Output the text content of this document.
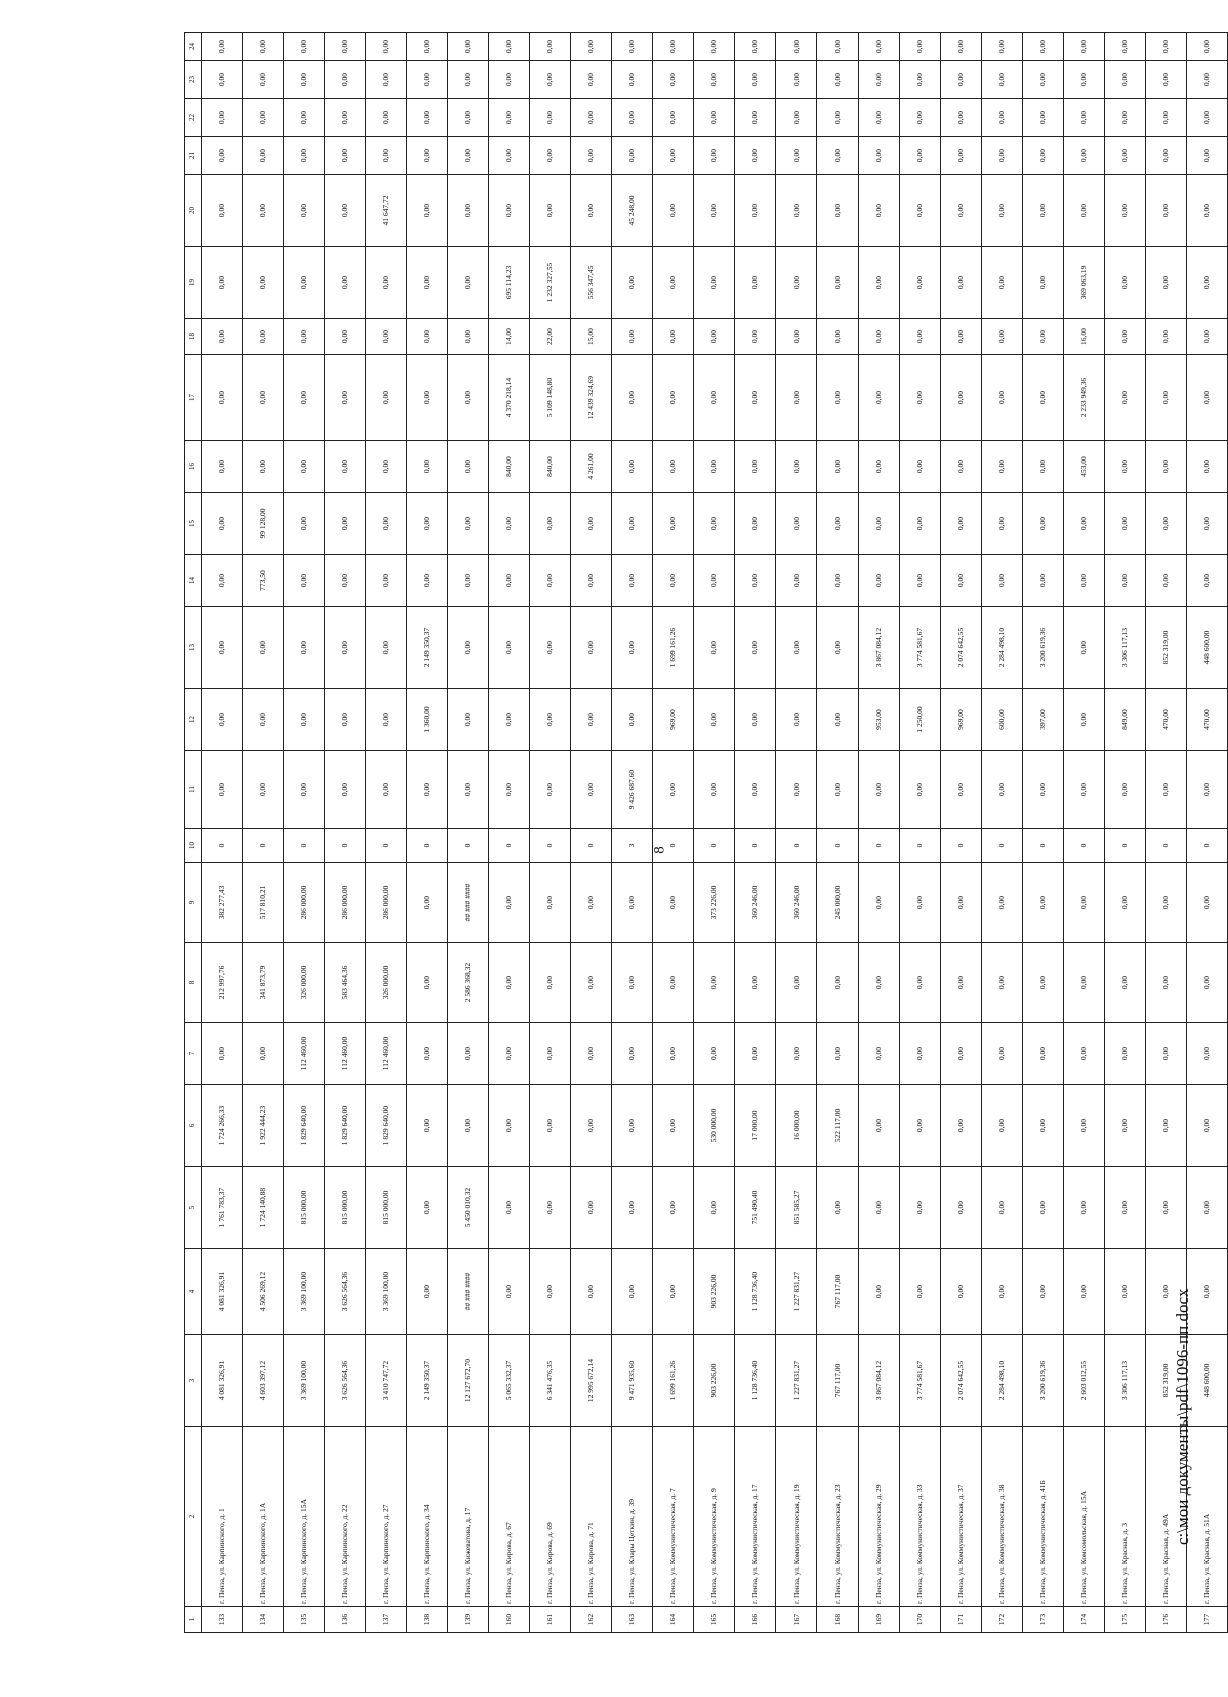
8
1	2	3	4	5	6	7	8	9	10	11	12	13	14	15	16	17	18	19	20	21	22	23	24
133	г. Пенза, ул. Карпинского, д. 1	4 081 326,91	4 081 326,91	1 761 783,37	1 724 266,33	0,00	212 997,76	382 277,43	0	0,00	0,00	0,00	0,00	0,00	0,00	0,00	0,00	0,00	0,00	0,00	0,00	0,00	0,00
134	г. Пенза, ул. Карпинского, д. 1А	4 603 397,12	4 506 269,12	1 724 140,88	1 922 444,23	0,00	341 873,79	517 810,21	0	0,00	0,00	0,00	773,50	99 128,00	0,00	0,00	0,00	0,00	0,00	0,00	0,00	0,00	0,00
135	г. Пенза, ул. Карпинского, д. 15А	3 369 100,00	3 369 100,00	815 000,00	1 829 640,00	112 460,00	326 000,00	286 000,00	0	0,00	0,00	0,00	0,00	0,00	0,00	0,00	0,00	0,00	0,00	0,00	0,00	0,00	0,00
136	г. Пенза, ул. Карпинского, д. 22	3 626 564,36	3 626 564,36	815 000,00	1 829 640,00	112 460,00	583 464,36	286 000,00	0	0,00	0,00	0,00	0,00	0,00	0,00	0,00	0,00	0,00	0,00	0,00	0,00	0,00	0,00
137	г. Пенза, ул. Карпинского, д. 27	3 410 747,72	3 369 100,00	815 000,00	1 829 640,00	112 460,00	326 000,00	286 000,00	0	0,00	0,00	0,00	0,00	0,00	0,00	0,00	0,00	0,00	41 647,72	0,00	0,00	0,00	0,00
138	г. Пенза, ул. Карпинского, д. 34	2 149 350,37	0,00	0,00	0,00	0,00	0,00	0,00	0	0,00	1 360,00	2 149 350,37	0,00	0,00	0,00	0,00	0,00	0,00	0,00	0,00	0,00	0,00	0,00
139	г. Пенза, ул. Кижеватова, д. 17	12 127 672,70	## ### ####	5 450 010,32	0,00	0,00	2 586 368,32	## ### ####	0	0,00	0,00	0,00	0,00	0,00	0,00	0,00	0,00	0,00	0,00	0,00	0,00	0,00	0,00
160	г. Пенза, ул. Кирова, д. 67	5 065 332,37	0,00	0,00	0,00	0,00	0,00	0,00	0	0,00	0,00	0,00	0,00	0,00	840,00	4 370 218,14	14,00	695 114,23	0,00	0,00	0,00	0,00	0,00
161	г. Пенза, ул. Кирова, д. 69	6 341 476,35	0,00	0,00	0,00	0,00	0,00	0,00	0	0,00	0,00	0,00	0,00	0,00	840,00	5 109 148,80	22,00	1 232 327,55	0,00	0,00	0,00	0,00	0,00
162	г. Пенза, ул. Кирова, д. 71	12 995 672,14	0,00	0,00	0,00	0,00	0,00	0,00	0	0,00	0,00	0,00	0,00	0,00	4 261,00	12 439 324,69	15,00	556 347,45	0,00	0,00	0,00	0,00	0,00
163	г. Пенза, ул. Клары Цеткин, д. 39	9 471 935,60	0,00	0,00	0,00	0,00	0,00	0,00	3	9 426 687,60	0,00	0,00	0,00	0,00	0,00	0,00	0,00	0,00	45 248,00	0,00	0,00	0,00	0,00
164	г. Пенза, ул. Коммунистическая, д. 7	1 699 161,26	0,00	0,00	0,00	0,00	0,00	0,00	0	0,00	969,00	1 699 161,26	0,00	0,00	0,00	0,00	0,00	0,00	0,00	0,00	0,00	0,00	0,00
165	г. Пенза, ул. Коммунистическая, д. 9	903 226,00	903 226,00	0,00	530 000,00	0,00	0,00	373 226,00	0	0,00	0,00	0,00	0,00	0,00	0,00	0,00	0,00	0,00	0,00	0,00	0,00	0,00	0,00
166	г. Пенза, ул. Коммунистическая, д. 17	1 128 736,40	1 128 736,40	751 490,40	17 000,00	0,00	0,00	360 246,00	0	0,00	0,00	0,00	0,00	0,00	0,00	0,00	0,00	0,00	0,00	0,00	0,00	0,00	0,00
167	г. Пенза, ул. Коммунистическая, д. 19	1 227 831,27	1 227 831,27	851 585,27	16 000,00	0,00	0,00	360 246,00	0	0,00	0,00	0,00	0,00	0,00	0,00	0,00	0,00	0,00	0,00	0,00	0,00	0,00	0,00
168	г. Пенза, ул. Коммунистическая, д. 23	767 117,00	767 117,00	0,00	522 117,00	0,00	0,00	245 000,00	0	0,00	0,00	0,00	0,00	0,00	0,00	0,00	0,00	0,00	0,00	0,00	0,00	0,00	0,00
169	г. Пенза, ул. Коммунистическая, д. 29	3 867 084,12	0,00	0,00	0,00	0,00	0,00	0,00	0	0,00	953,00	3 867 084,12	0,00	0,00	0,00	0,00	0,00	0,00	0,00	0,00	0,00	0,00	0,00
170	г. Пенза, ул. Коммунистическая, д. 33	3 774 581,67	0,00	0,00	0,00	0,00	0,00	0,00	0	0,00	1 250,00	3 774 581,67	0,00	0,00	0,00	0,00	0,00	0,00	0,00	0,00	0,00	0,00	0,00
171	г. Пенза, ул. Коммунистическая, д. 37	2 074 642,55	0,00	0,00	0,00	0,00	0,00	0,00	0	0,00	969,00	2 074 642,55	0,00	0,00	0,00	0,00	0,00	0,00	0,00	0,00	0,00	0,00	0,00
172	г. Пенза, ул. Коммунистическая, д. 38	2 284 498,10	0,00	0,00	0,00	0,00	0,00	0,00	0	0,00	600,00	2 284 498,10	0,00	0,00	0,00	0,00	0,00	0,00	0,00	0,00	0,00	0,00	0,00
173	г. Пенза, ул. Коммунистическая, д. 41Б	3 200 619,36	0,00	0,00	0,00	0,00	0,00	0,00	0	0,00	397,00	3 200 619,36	0,00	0,00	0,00	0,00	0,00	0,00	0,00	0,00	0,00	0,00	0,00
174	г. Пенза, ул. Комсомольская, д. 15А	2 603 012,55	0,00	0,00	0,00	0,00	0,00	0,00	0	0,00	0,00	0,00	0,00	0,00	453,00	2 233 949,36	16,00	369 063,19	0,00	0,00	0,00	0,00	0,00
175	г. Пенза, ул. Красная, д. 3	3 306 117,13	0,00	0,00	0,00	0,00	0,00	0,00	0	0,00	849,00	3 306 117,13	0,00	0,00	0,00	0,00	0,00	0,00	0,00	0,00	0,00	0,00	0,00
176	г. Пенза, ул. Красная, д. 49А	852 319,00	0,00	0,00	0,00	0,00	0,00	0,00	0	0,00	470,00	852 319,00	0,00	0,00	0,00	0,00	0,00	0,00	0,00	0,00	0,00	0,00	0,00
177	г. Пенза, ул. Красная, д. 51А	448 600,00	0,00	0,00	0,00	0,00	0,00	0,00	0	0,00	470,00	448 600,00	0,00	0,00	0,00	0,00	0,00	0,00	0,00	0,00	0,00	0,00	0,00
c:\мои документы\pdf\1096-пп.docx
